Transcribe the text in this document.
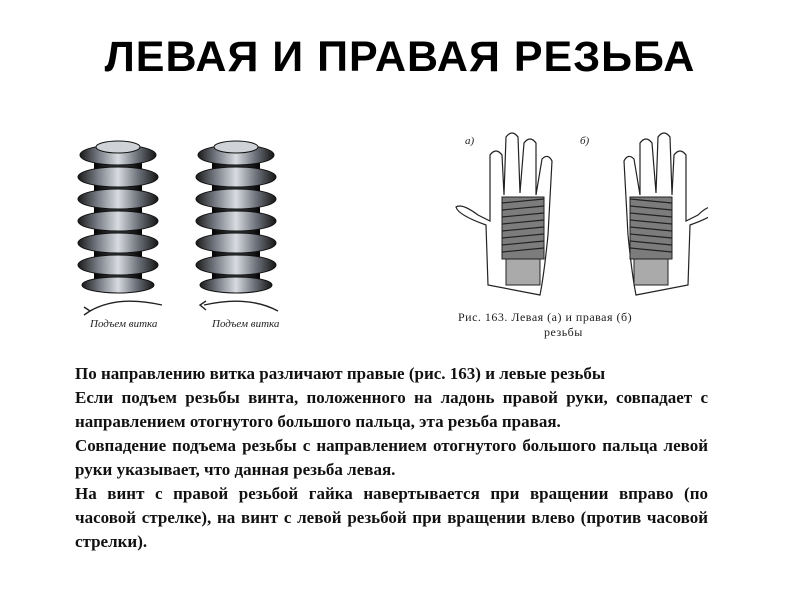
ЛЕВАЯ И ПРАВАЯ РЕЗЬБА
Подъем витка	Подъем витка
а)	б)
Рис. 163. Левая (а) и правая (б)
резьбы

По направлению витка различают правые (рис. 163) и левые резьбы

Если подъем резьбы винта, положенного на ладонь правой руки, совпадает с направлением отогнутого большого пальца, эта резьба правая.

Совпадение подъема резьбы с направлением отогнутого большого пальца левой руки указывает, что данная резьба левая.

На винт с правой резьбой гайка навертывается при вращении вправо (по часовой стрелке), на винт с левой резьбой при вращении влево (против часовой стрелки).
